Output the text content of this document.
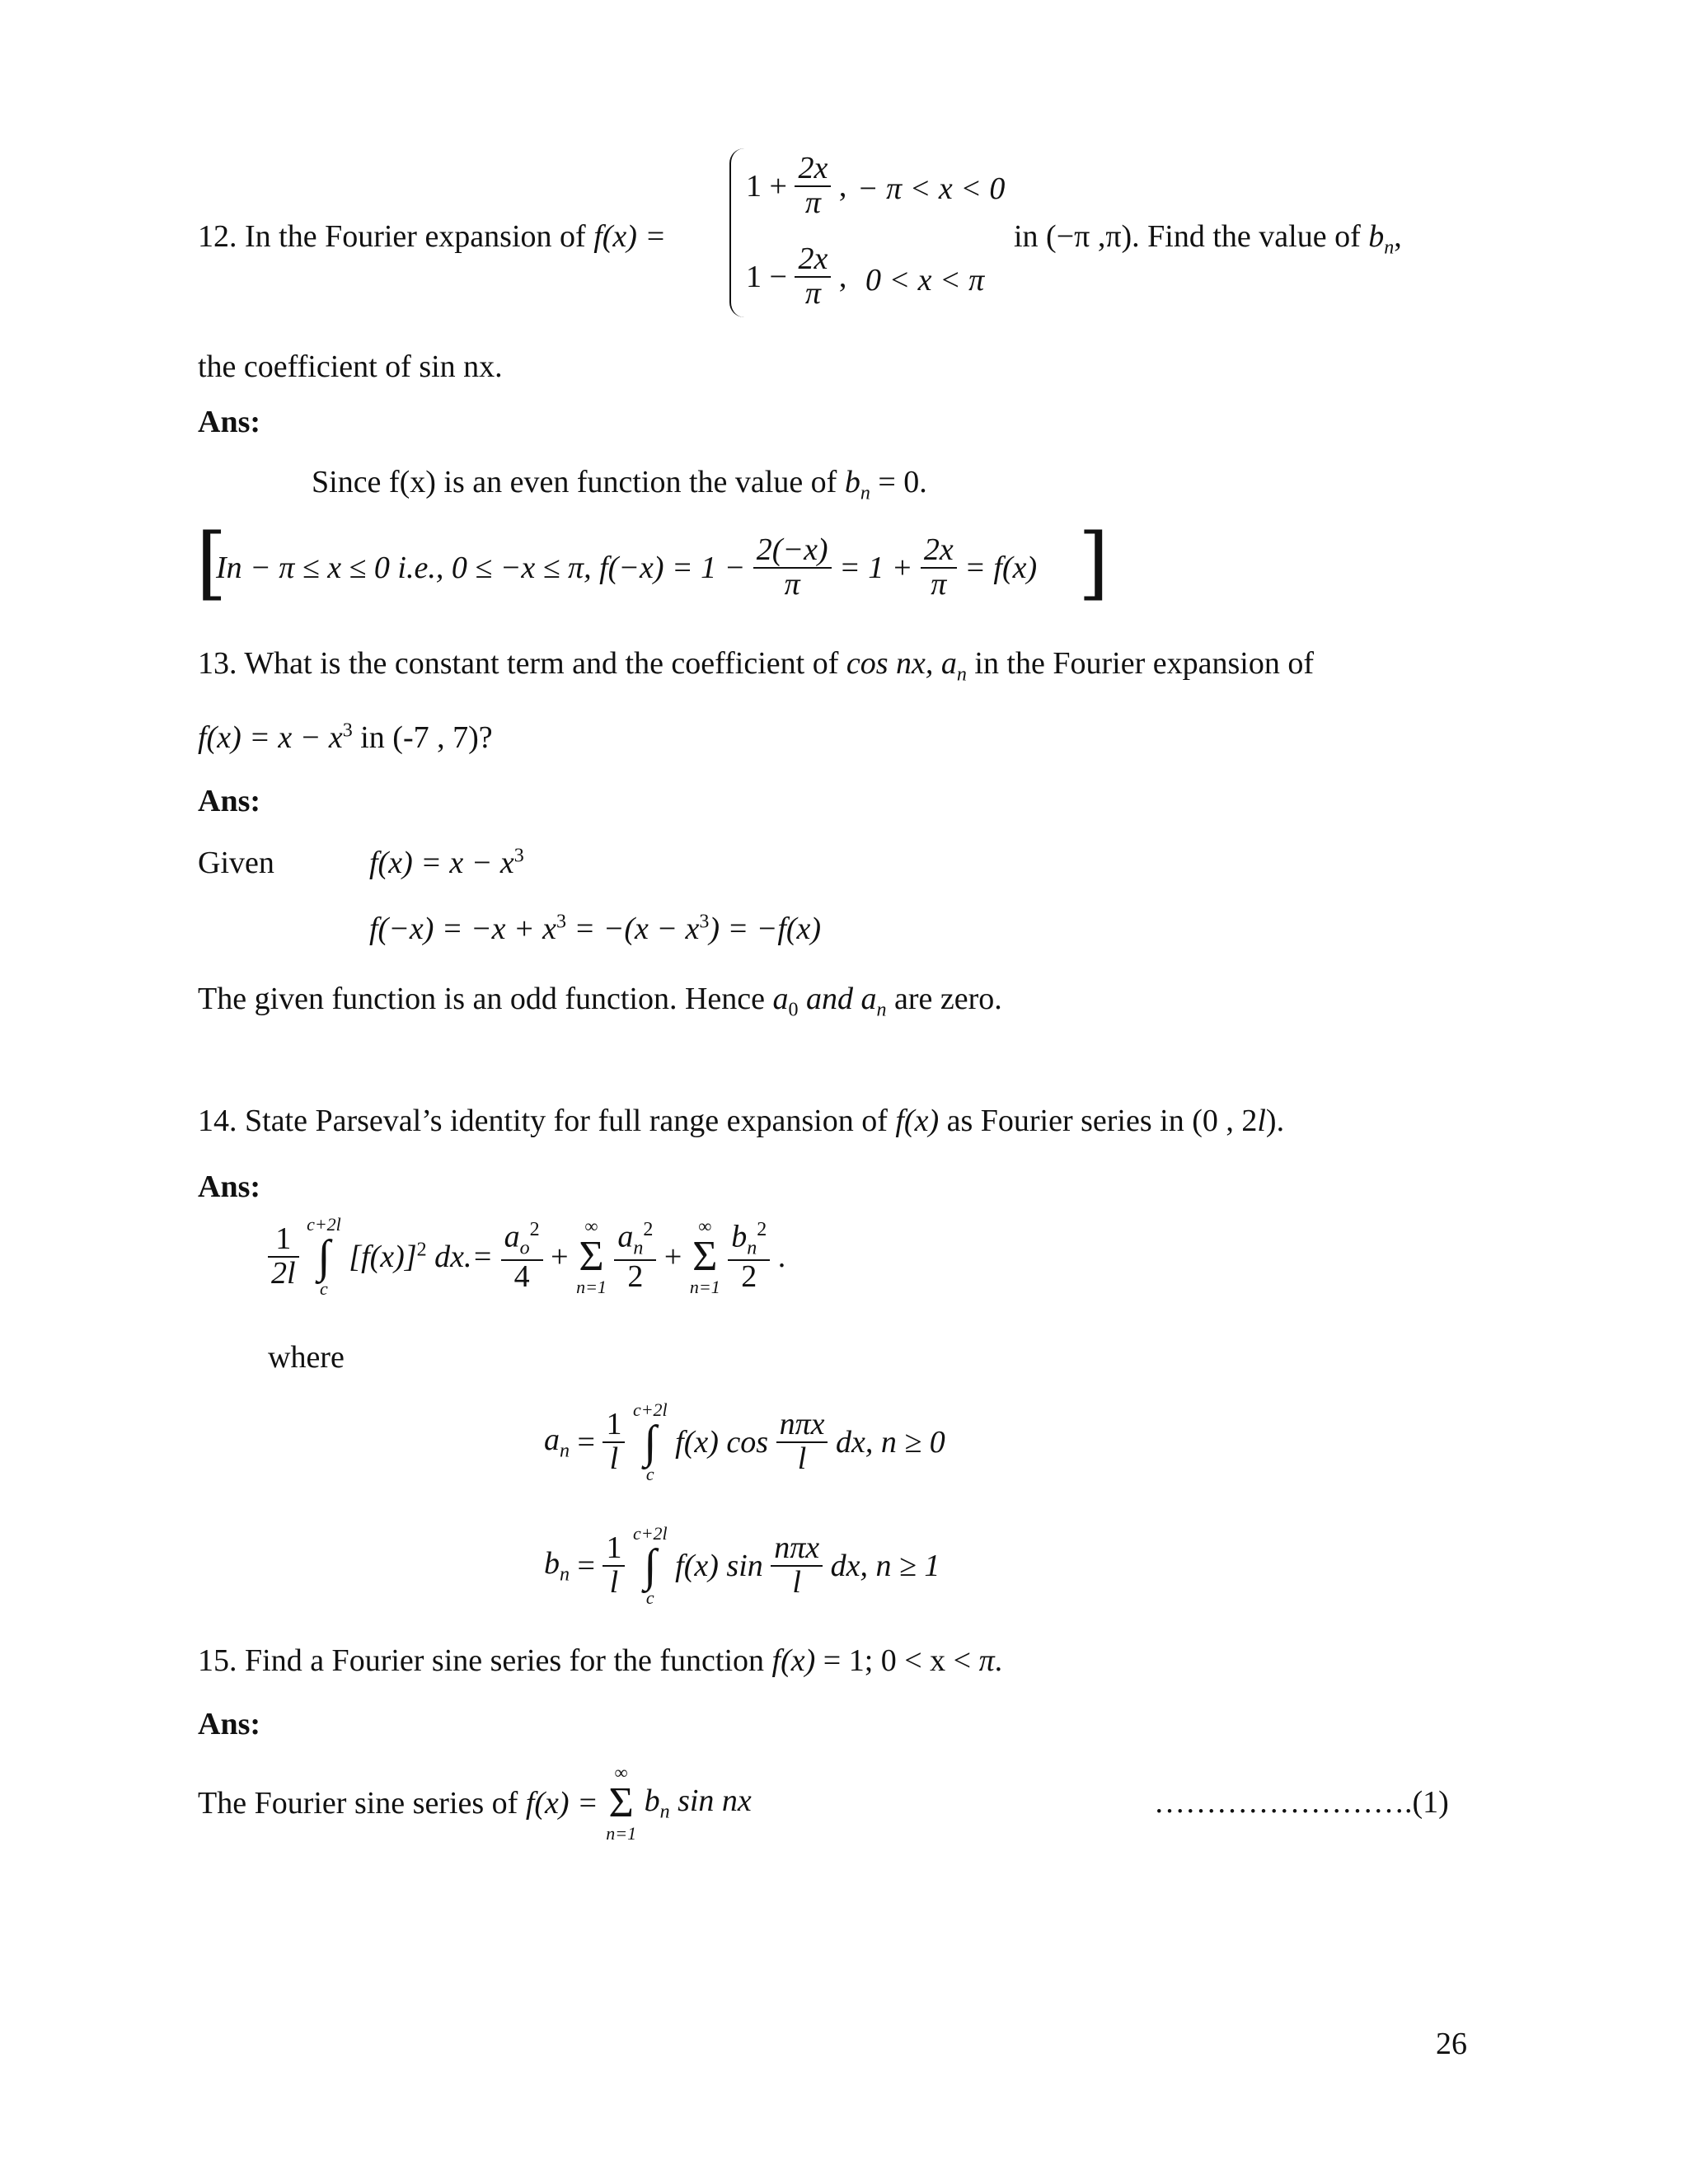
12. In the Fourier expansion of f(x) =
$1 + \frac{2x}{\pi}$ , − π < x < 0
$1 - \frac{2x}{\pi}$ , 0 < x < π
in (−π ,π). Find the value of $b_n$,
the coefficient of sin nx.
Ans:
Since f(x) is an even function the value of $b_n = 0$.
[
In − π ≤ x ≤ 0 i.e., 0 ≤ −x ≤ π, $f(-x) = 1 - \frac{2(-x)}{\pi} = 1 + \frac{2x}{\pi} = f(x)$ ]
13. What is the constant term and the coefficient of cos nx, $a_n$ in the Fourier expansion of
$f(x) = x - x^3$ in (-7 , 7)?
Ans:
Given	$f(x) = x - x^3$
$f(-x) = -x + x^3 = -(x - x^3) = -f(x)$
The given function is an odd function. Hence $a_0$ and $a_n$ are zero.
14. State Parseval’s identity for full range expansion of f(x) as Fourier series in (0 , 2l).
Ans:
$\frac{1}{2l}$
c+2l
∫
c
$[f(x)]^2$ $dx.= \frac{a_o^2}{4}$ +
∞
Σ
n=1
$\frac{a_n^2}{2}$ +
∞
Σ
n=1
$\frac{b_n^2}{2}$ .
where
$a_n = \frac{1}{l}$
c+2l
∫
c
f(x) $\cos \frac{\text{nπx}}{l}$ dx, n ≥ 0
$b_n = \frac{1}{l}$
c+2l
∫
c
f(x) $\sin \frac{\text{nπx}}{l}$ dx, n ≥ 1
15. Find a Fourier sine series for the function f(x) = 1; 0 < x < π.
Ans:
The Fourier sine series of f(x) =
∞
Σ
n=1
$b_n$ sin nx	…………………….(1)
26
